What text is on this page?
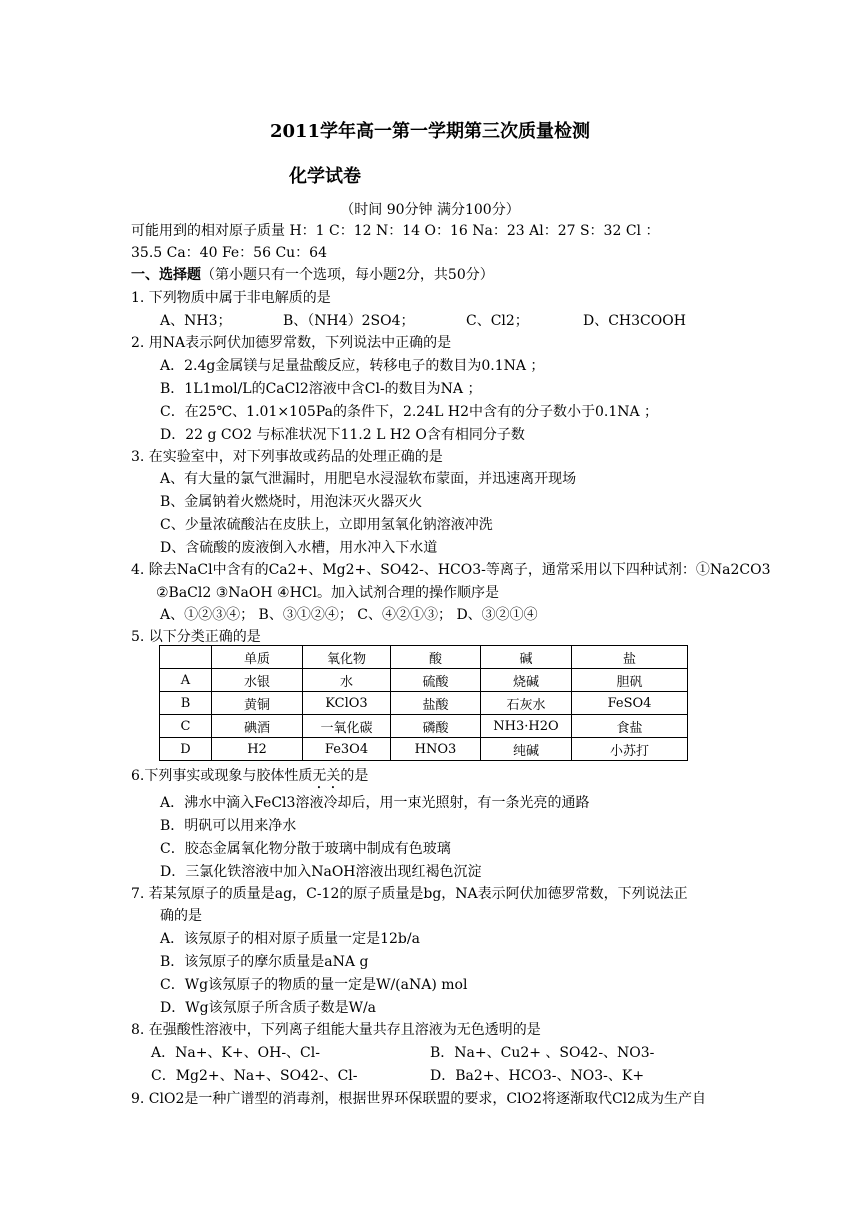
2011学年高一第一学期第三次质量检测
化学试卷
（时间 90分钟 满分100分）
可能用到的相对原子质量 H：1 C：12 N：14 O：16 Na：23 Al：27 S：32 Cl ：
35.5 Ca：40 Fe：56 Cu：64
一、选择题（第小题只有一个选项，每小题2分，共50分）
1. 下列物质中属于非电解质的是
A、NH3；	B、（NH4）2SO4；	C、Cl2；	D、CH3COOH
2. 用NA表示阿伏加德罗常数，下列说法中正确的是
A．2.4g金属镁与足量盐酸反应，转移电子的数目为0.1NA ；
B．1L1mol/L的CaCl2溶液中含Cl-的数目为NA ；
C．在25℃、1.01×105Pa的条件下，2.24L H2中含有的分子数小于0.1NA ；
D．22 g CO2 与标准状况下11.2 L H2 O含有相同分子数
3. 在实验室中，对下列事故或药品的处理正确的是
A、有大量的氯气泄漏时，用肥皂水浸湿软布蒙面，并迅速离开现场
B、金属钠着火燃烧时，用泡沫灭火器灭火
C、少量浓硫酸沾在皮肤上，立即用氢氧化钠溶液冲洗
D、含硫酸的废液倒入水槽，用水冲入下水道
4. 除去NaCl中含有的Ca2+、Mg2+、SO42-、HCO3-等离子，通常采用以下四种试剂：①Na2CO3
②BaCl2 ③NaOH ④HCl。加入试剂合理的操作顺序是
A、①②③④； B、③①②④； C、④②①③； D、③②①④
5. 以下分类正确的是
	单质	氧化物	酸	碱	盐
A	水银	水	硫酸	烧碱	胆矾
B	黄铜	KClO3	盐酸	石灰水	FeSO4
C	碘酒	一氧化碳	磷酸	NH3·H2O	食盐
D	H2	Fe3O4	HNO3	纯碱	小苏打
6.下列事实或现象与胶体性质无关的是
A．沸水中滴入FeCl3溶液冷却后，用一束光照射，有一条光亮的通路
B．明矾可以用来净水
C．胶态金属氧化物分散于玻璃中制成有色玻璃
D．三氯化铁溶液中加入NaOH溶液出现红褐色沉淀
7. 若某氖原子的质量是ag，C-12的原子质量是bg，NA表示阿伏加德罗常数，下列说法正
确的是
A．该氖原子的相对原子质量一定是12b/a
B．该氖原子的摩尔质量是aNA g
C．Wg该氖原子的物质的量一定是W/(aNA) mol
D．Wg该氖原子所含质子数是W/a
8. 在强酸性溶液中，下列离子组能大量共存且溶液为无色透明的是
A．Na+、K+、OH-、Cl-	B．Na+、Cu2+ 、SO42-、NO3-
C．Mg2+、Na+、SO42-、Cl-	D．Ba2+、HCO3-、NO3-、K+
9. ClO2是一种广谱型的消毒剂，根据世界环保联盟的要求，ClO2将逐渐取代Cl2成为生产自
